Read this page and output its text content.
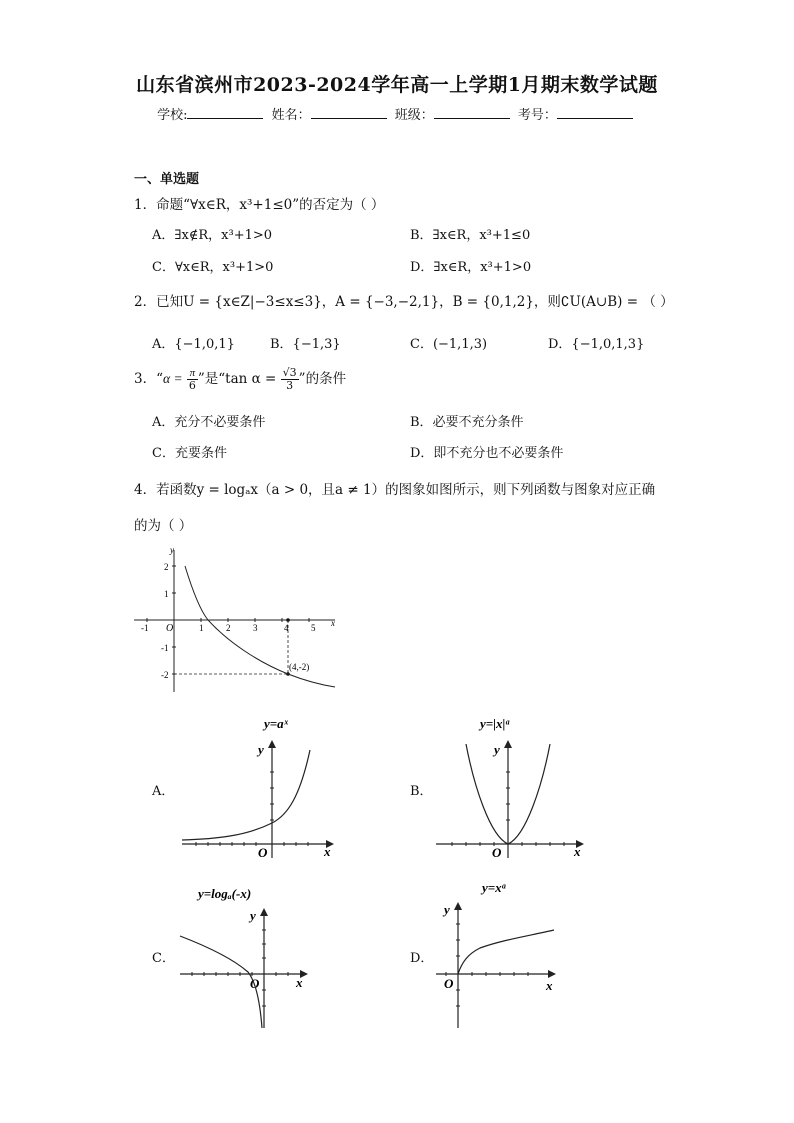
山东省滨州市2023-2024学年高一上学期1月期末数学试题
学校:	姓名：	班级：	考号：
一、单选题
1．命题“∀x∈R，x³+1≤0”的否定为（ ）
A．∃x∉R，x³+1>0	B．∃x∈R，x³+1≤0
C．∀x∈R，x³+1>0	D．∃x∈R，x³+1>0
2．已知U = {x∈Z|−3≤x≤3}，A = {−3,−2,1}，B = {0,1,2}，则∁U(A∪B) = （ ）
A．{−1,0,1}	B．{−1,3}	C．(−1,1,3)	D．{−1,0,1,3}
3．“$\alpha = \frac{\pi}{6}$ ”是“tan $\alpha = \frac{√3}{3}$ ”的条件
A．充分不必要条件	B．必要不充分条件
C．充要条件	D．即不充分也不必要条件
4．若函数y = logₐx（a > 0，且a ≠ 1）的图象如图所示，则下列函数与图象对应正确
的为（ ）
-1 O	1	2	3	4	5 x
y
2
1
-1
-2
(4,-2)
A．
y=aˣ
y
x
O
B．
y=|x|ᵃ
y
x
O
C．
y=logₐ(-x)
y
x
O
D．
y=xᵃ
y
x
O
